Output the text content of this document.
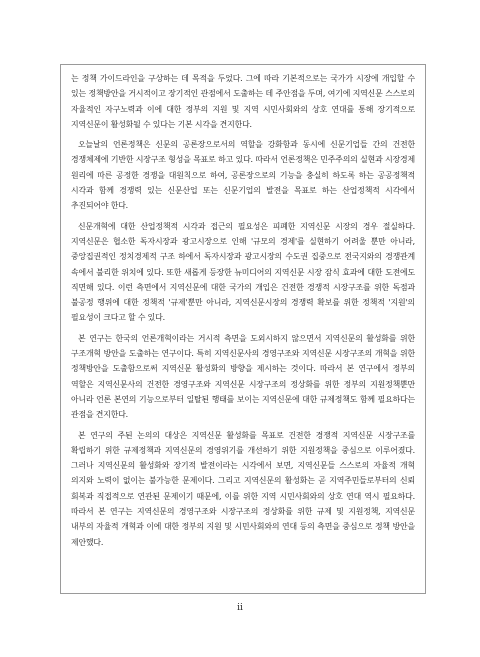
는 정책 가이드라인을 구상하는 데 목적을 두었다. 그에 따라 기본적으로는 국가가 시장에 개입할 수 있는 정책방안을 거시적이고 장기적인 관점에서 도출하는 데 주안점을 두며, 여기에 지역신문 스스로의 자율적인 자구노력과 이에 대한 정부의 지원 및 지역 시민사회와의 상호 연대를 통해 장기적으로 지역신문이 활성화될 수 있다는 기본 시각을 견지한다.

오늘날의 언론정책은 신문의 공론장으로서의 역할을 강화함과 동시에 신문기업들 간의 건전한 경쟁체제에 기반한 시장구조 형성을 목표로 하고 있다. 따라서 언론정책은 민주주의의 실현과 시장경제 원리에 따른 공정한 경쟁을 대원칙으로 하여, 공론장으로의 기능을 충실히 하도록 하는 공공정책적 시각과 함께 경쟁력 있는 신문산업 또는 신문기업의 발전을 목표로 하는 산업정책적 시각에서 추진되어야 한다.

신문개혁에 대한 산업정책적 시각과 접근의 필요성은 피폐한 지역신문 시장의 경우 절실하다. 지역신문은 협소한 독자시장과 광고시장으로 인해 '규모의 경제'를 실현하기 어려울 뿐만 아니라, 중앙집권적인 정치경제적 구조 하에서 독자시장과 광고시장의 수도권 집중으로 전국지와의 경쟁관계 속에서 불리한 위치에 있다. 또한 새롭게 등장한 뉴미디어의 지역신문 시장 잠식 효과에 대한 도전에도 직면해 있다. 이런 측면에서 지역신문에 대한 국가의 개입은 건전한 경쟁적 시장구조를 위한 독점과 불공정 행위에 대한 정책적 '규제'뿐만 아니라, 지역신문시장의 경쟁력 확보를 위한 정책적 '지원'의 필요성이 크다고 할 수 있다.

본 연구는 한국의 언론개혁이라는 거시적 측면을 도외시하지 않으면서 지역신문의 활성화를 위한 구조개혁 방안을 도출하는 연구이다. 특히 지역신문사의 경영구조와 지역신문 시장구조의 개혁을 위한 정책방안을 도출함으로써 지역신문 활성화의 방향을 제시하는 것이다. 따라서 본 연구에서 정부의 역할은 지역신문사의 건전한 경영구조와 지역신문 시장구조의 정상화를 위한 정부의 지원정책뿐만 아니라 언론 본연의 기능으로부터 일탈된 행태를 보이는 지역신문에 대한 규제정책도 함께 필요하다는 관점을 견지한다.

본 연구의 주된 논의의 대상은 지역신문 활성화를 목표로 건전한 경쟁적 지역신문 시장구조를 확립하기 위한 규제정책과 지역신문의 경영위기를 개선하기 위한 지원정책을 중심으로 이루어졌다. 그러나 지역신문의 활성화와 장기적 발전이라는 시각에서 보면, 지역신문들 스스로의 자율적 개혁 의지와 노력이 없이는 불가능한 문제이다. 그리고 지역신문의 활성화는 곧 지역주민들로부터의 신뢰 회복과 직접적으로 연관된 문제이기 때문에, 이를 위한 지역 시민사회와의 상호 연대 역시 필요하다. 따라서 본 연구는 지역신문의 경영구조와 시장구조의 정상화를 위한 규제 및 지원정책, 지역신문 내부의 자율적 개혁과 이에 대한 정부의 지원 및 시민사회와의 연대 등의 측면을 중심으로 정책 방안을 제안했다.

ii
